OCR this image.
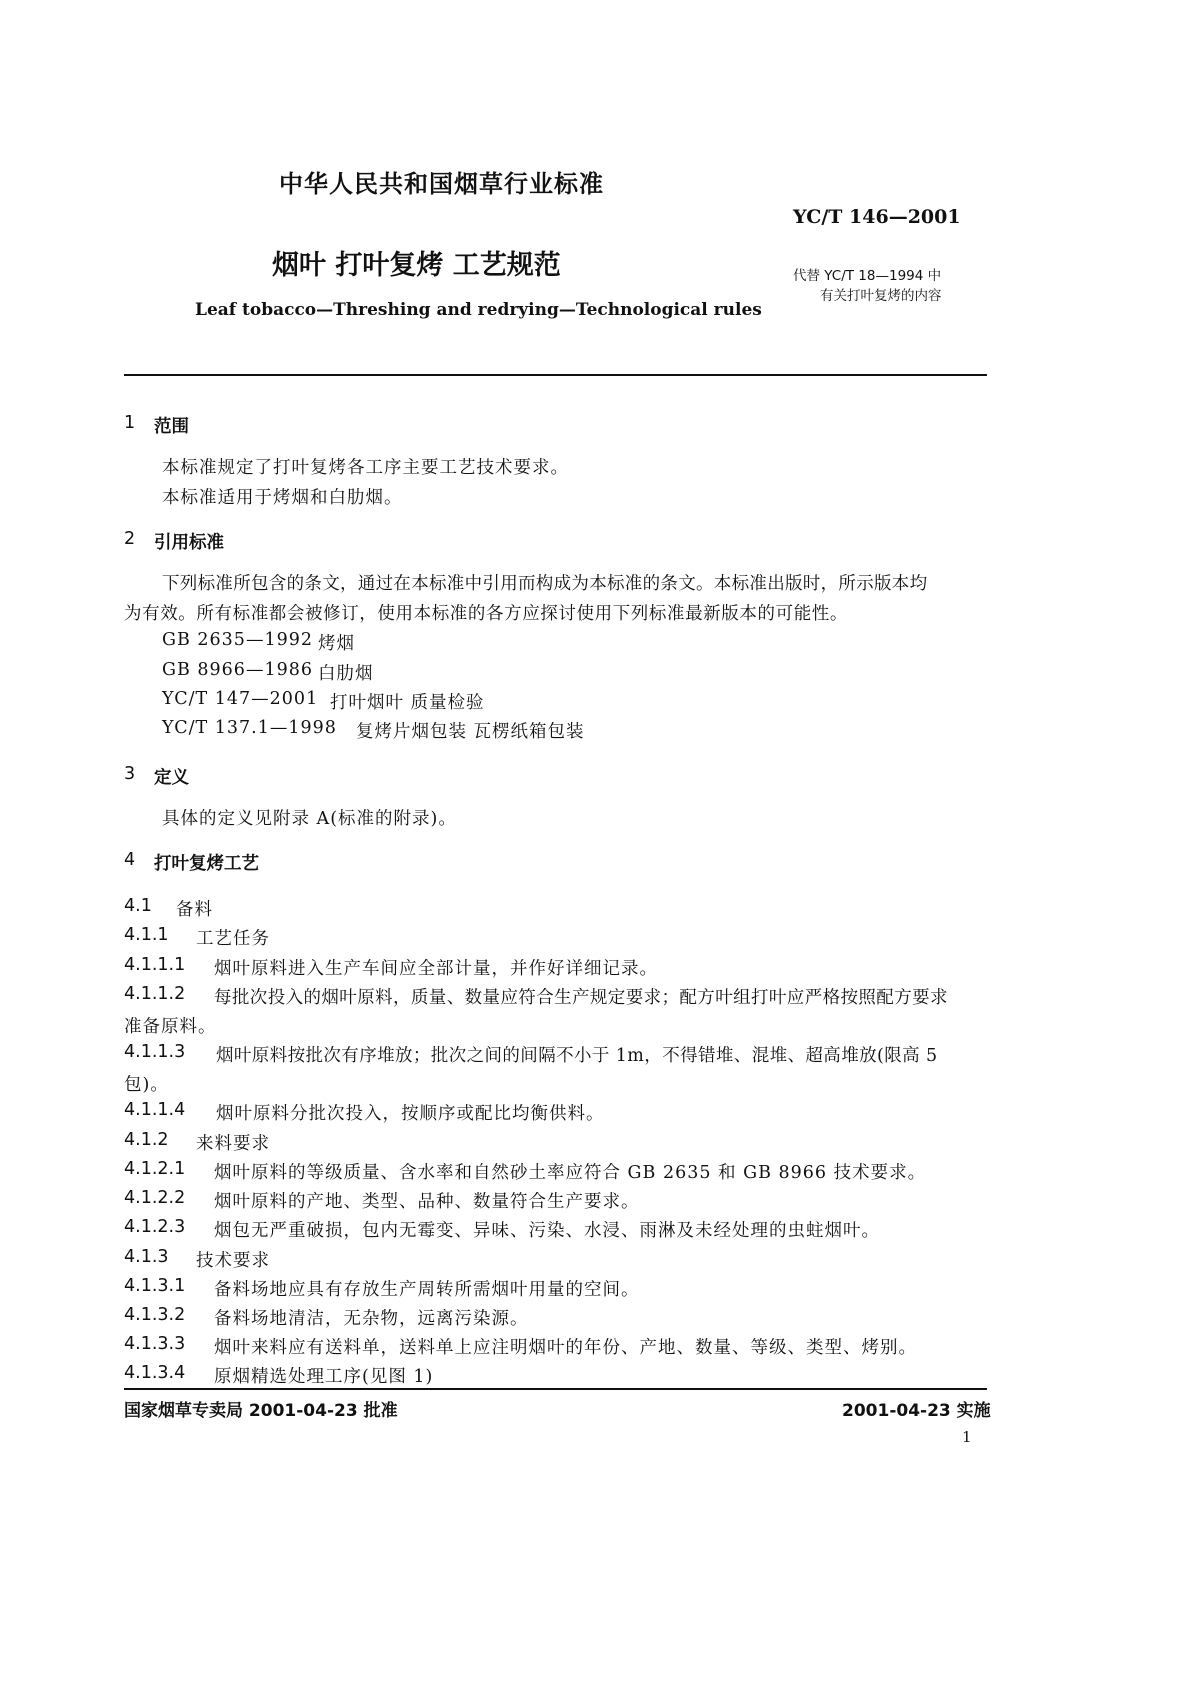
中华人民共和国烟草行业标准
YC/T 146—2001
烟叶 打叶复烤 工艺规范	代替 YC/T 18—1994 中
有关打叶复烤的内容
Leaf tobacco—Threshing and redrying—Technological rules
1 范围
本标准规定了打叶复烤各工序主要工艺技术要求。
本标准适用于烤烟和白肋烟。
2 引用标准
下列标准所包含的条文，通过在本标准中引用而构成为本标准的条文。本标准出版时，所示版本均
为有效。所有标准都会被修订，使用本标准的各方应探讨使用下列标准最新版本的可能性。
GB 2635—1992 烤烟
GB 8966—1986 白肋烟
YC/T 147—2001 打叶烟叶 质量检验
YC/T 137.1—1998 复烤片烟包装 瓦楞纸箱包装
3 定义
具体的定义见附录 A(标准的附录)。
4 打叶复烤工艺
4.1 备料
4.1.1 工艺任务
4.1.1.1 烟叶原料进入生产车间应全部计量，并作好详细记录。
4.1.1.2 每批次投入的烟叶原料，质量、数量应符合生产规定要求；配方叶组打叶应严格按照配方要求
准备原料。
4.1.1.3 烟叶原料按批次有序堆放；批次之间的间隔不小于 1m，不得错堆、混堆、超高堆放(限高 5
包)。
4.1.1.4 烟叶原料分批次投入，按顺序或配比均衡供料。
4.1.2 来料要求
4.1.2.1 烟叶原料的等级质量、含水率和自然砂土率应符合 GB 2635 和 GB 8966 技术要求。
4.1.2.2 烟叶原料的产地、类型、品种、数量符合生产要求。
4.1.2.3 烟包无严重破损，包内无霉变、异味、污染、水浸、雨淋及未经处理的虫蛀烟叶。
4.1.3 技术要求
4.1.3.1 备料场地应具有存放生产周转所需烟叶用量的空间。
4.1.3.2 备料场地清洁，无杂物，远离污染源。
4.1.3.3 烟叶来料应有送料单，送料单上应注明烟叶的年份、产地、数量、等级、类型、烤别。
4.1.3.4 原烟精选处理工序(见图 1)
国家烟草专卖局 2001-04-23 批准	2001-04-23 实施
1
